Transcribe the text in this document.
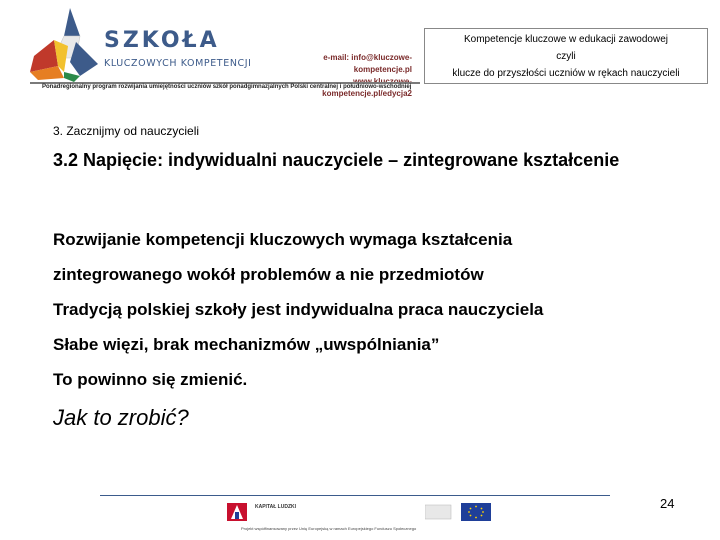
SZKOŁA
KLUCZOWYCH KOMPETENCJI
e-mail: info@kluczowe-kompetencje.pl
kompetencje.pl/edycja2
Ponadregionalny program rozwijania umiejętności uczniów szkół ponadgimnazjalnych Polski centralnej i południowo-wschodniej
Kompetencje kluczowe w edukacji zawodowej
czyli
klucze do przyszłości uczniów w rękach nauczycieli
3. Zacznijmy od nauczycieli
3.2 Napięcie: indywidualni nauczyciele – zintegrowane kształcenie
Rozwijanie kompetencji kluczowych wymaga kształcenia
zintegrowanego wokół problemów a nie przedmiotów
Tradycją polskiej szkoły jest indywidualna praca nauczyciela
Słabe więzi, brak mechanizmów „uwspólniania”
To powinno się zmienić.
Jak to zrobić?
KAPITAŁ LUDZKI
Projekt współfinansowany przez Unię Europejską w ramach Europejskiego Funduszu Społecznego
24
